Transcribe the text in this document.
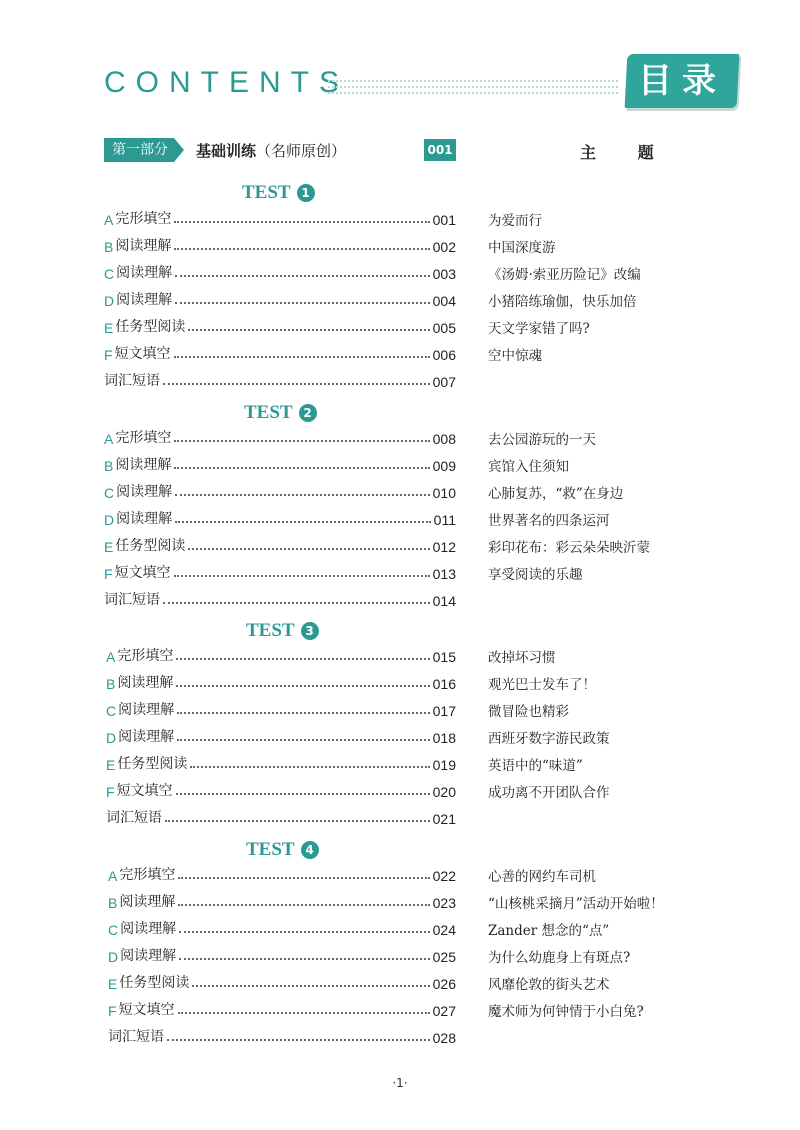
CONTENTS	目录
第一部分	基础训练（名师原创）	001	主 题
TEST 1
A 完形填空	001 为爱而行
B 阅读理解	002 中国深度游
C 阅读理解	003 《汤姆·索亚历险记》改编
D 阅读理解	004 小猪陪练瑜伽，快乐加倍
E 任务型阅读	005 天文学家错了吗?
F 短文填空	006 空中惊魂
词汇短语	007
TEST 2
A 完形填空	008 去公园游玩的一天
B 阅读理解	009 宾馆入住须知
C 阅读理解	010 心肺复苏，“救”在身边
D 阅读理解	011 世界著名的四条运河
E 任务型阅读	012 彩印花布：彩云朵朵映沂蒙
F 短文填空	013 享受阅读的乐趣
词汇短语	014
TEST 3
A 完形填空	015 改掉坏习惯
B 阅读理解	016 观光巴士发车了！
C 阅读理解	017 微冒险也精彩
D 阅读理解	018 西班牙数字游民政策
E 任务型阅读	019 英语中的“味道”
F 短文填空	020 成功离不开团队合作
词汇短语	021
TEST 4
A 完形填空	022 心善的网约车司机
B 阅读理解	023 “山核桃采摘月”活动开始啦！
C 阅读理解	024 Zander 想念的“点”
D 阅读理解	025 为什么幼鹿身上有斑点?
E 任务型阅读	026 风靡伦敦的街头艺术
F 短文填空	027 魔术师为何钟情于小白兔?
词汇短语	028
·1·
